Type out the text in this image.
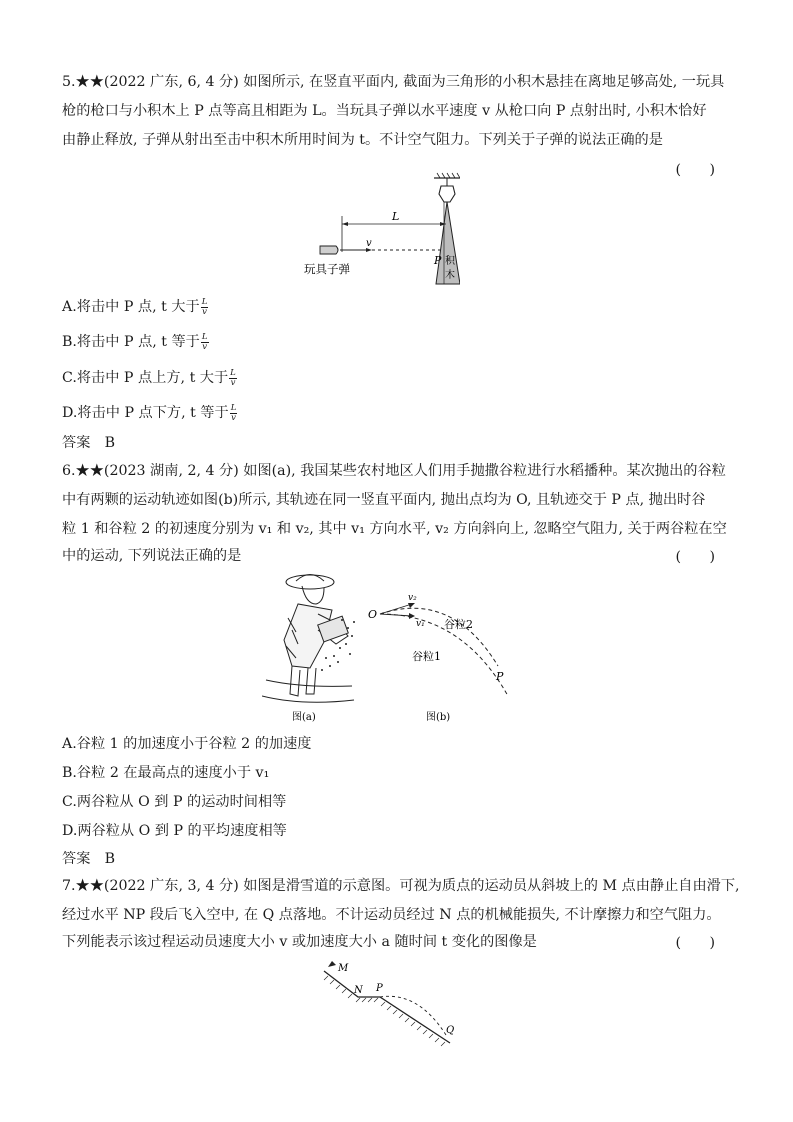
5.★★(2022 广东, 6, 4 分) 如图所示, 在竖直平面内, 截面为三角形的小积木悬挂在离地足够高处, 一玩具
枪的枪口与小积木上 P 点等高且相距为 L。当玩具子弹以水平速度 v 从枪口向 P 点射出时, 小积木恰好
由静止释放, 子弹从射出至击中积木所用时间为 t。不计空气阻力。下列关于子弹的说法正确的是
(　　)
L
v
P
玩具子弹
积
木
A.将击中 P 点, t 大于 $\frac{L}{v}$
B.将击中 P 点, t 等于 $\frac{L}{v}$
C.将击中 P 点上方, t 大于 $\frac{L}{v}$
D.将击中 P 点下方, t 等于 $\frac{L}{v}$
答案　B
6.★★(2023 湖南, 2, 4 分) 如图(a), 我国某些农村地区人们用手抛撒谷粒进行水稻播种。某次抛出的谷粒
中有两颗的运动轨迹如图(b)所示, 其轨迹在同一竖直平面内, 抛出点均为 O, 且轨迹交于 P 点, 抛出时谷
粒 1 和谷粒 2 的初速度分别为 v₁ 和 v₂, 其中 v₁ 方向水平, v₂ 方向斜向上, 忽略空气阻力, 关于两谷粒在空
中的运动, 下列说法正确的是	(　　)
图(a)
O
v₂
v₁ 谷粒2
谷粒1
P
图(b)
A.谷粒 1 的加速度小于谷粒 2 的加速度
B.谷粒 2 在最高点的速度小于 v₁
C.两谷粒从 O 到 P 的运动时间相等
D.两谷粒从 O 到 P 的平均速度相等
答案　B
7.★★(2022 广东, 3, 4 分) 如图是滑雪道的示意图。可视为质点的运动员从斜坡上的 M 点由静止自由滑下,
经过水平 NP 段后飞入空中, 在 Q 点落地。不计运动员经过 N 点的机械能损失, 不计摩擦力和空气阻力。
下列能表示该过程运动员速度大小 v 或加速度大小 a 随时间 t 变化的图像是	(　　)
M
N P
Q
